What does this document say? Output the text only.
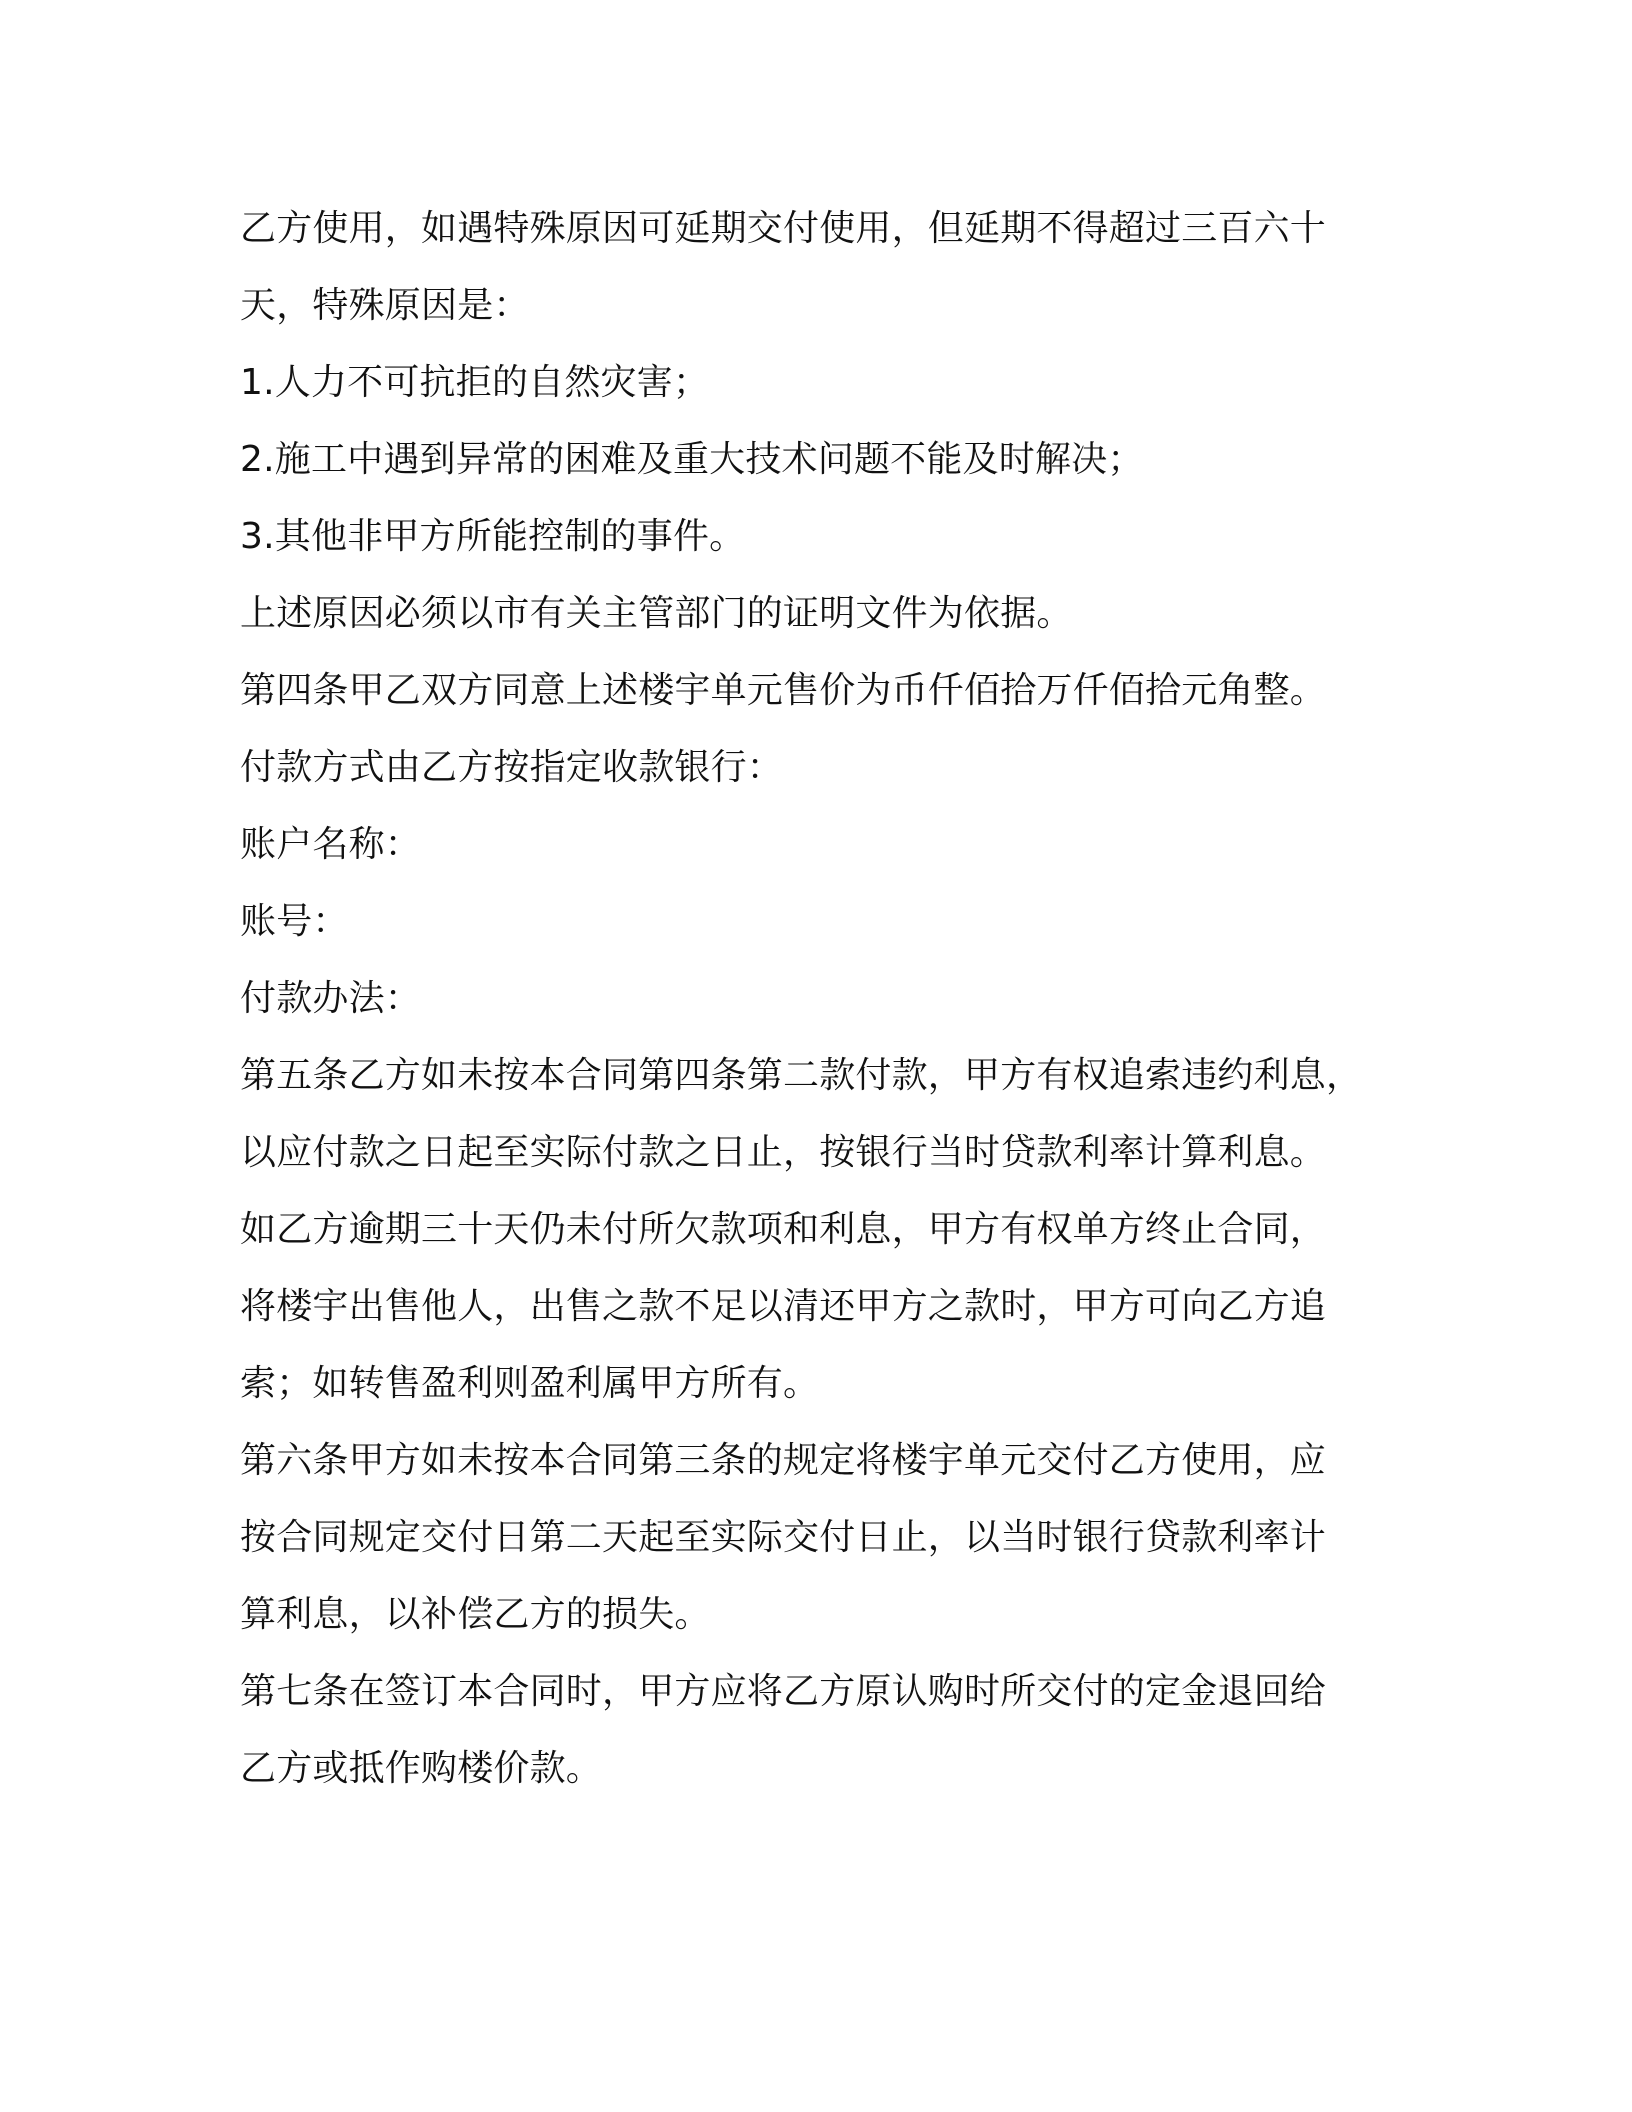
乙方使用，如遇特殊原因可延期交付使用，但延期不得超过三百六十
天，特殊原因是：
1.人力不可抗拒的自然灾害；
2.施工中遇到异常的困难及重大技术问题不能及时解决；
3.其他非甲方所能控制的事件。
上述原因必须以市有关主管部门的证明文件为依据。
第四条甲乙双方同意上述楼宇单元售价为币仟佰拾万仟佰拾元角整。
付款方式由乙方按指定收款银行：
账户名称：
账号：
付款办法：
第五条乙方如未按本合同第四条第二款付款，甲方有权追索违约利息，
以应付款之日起至实际付款之日止，按银行当时贷款利率计算利息。
如乙方逾期三十天仍未付所欠款项和利息，甲方有权单方终止合同，
将楼宇出售他人，出售之款不足以清还甲方之款时，甲方可向乙方追
索；如转售盈利则盈利属甲方所有。
第六条甲方如未按本合同第三条的规定将楼宇单元交付乙方使用，应
按合同规定交付日第二天起至实际交付日止，以当时银行贷款利率计
算利息，以补偿乙方的损失。
第七条在签订本合同时，甲方应将乙方原认购时所交付的定金退回给
乙方或抵作购楼价款。
